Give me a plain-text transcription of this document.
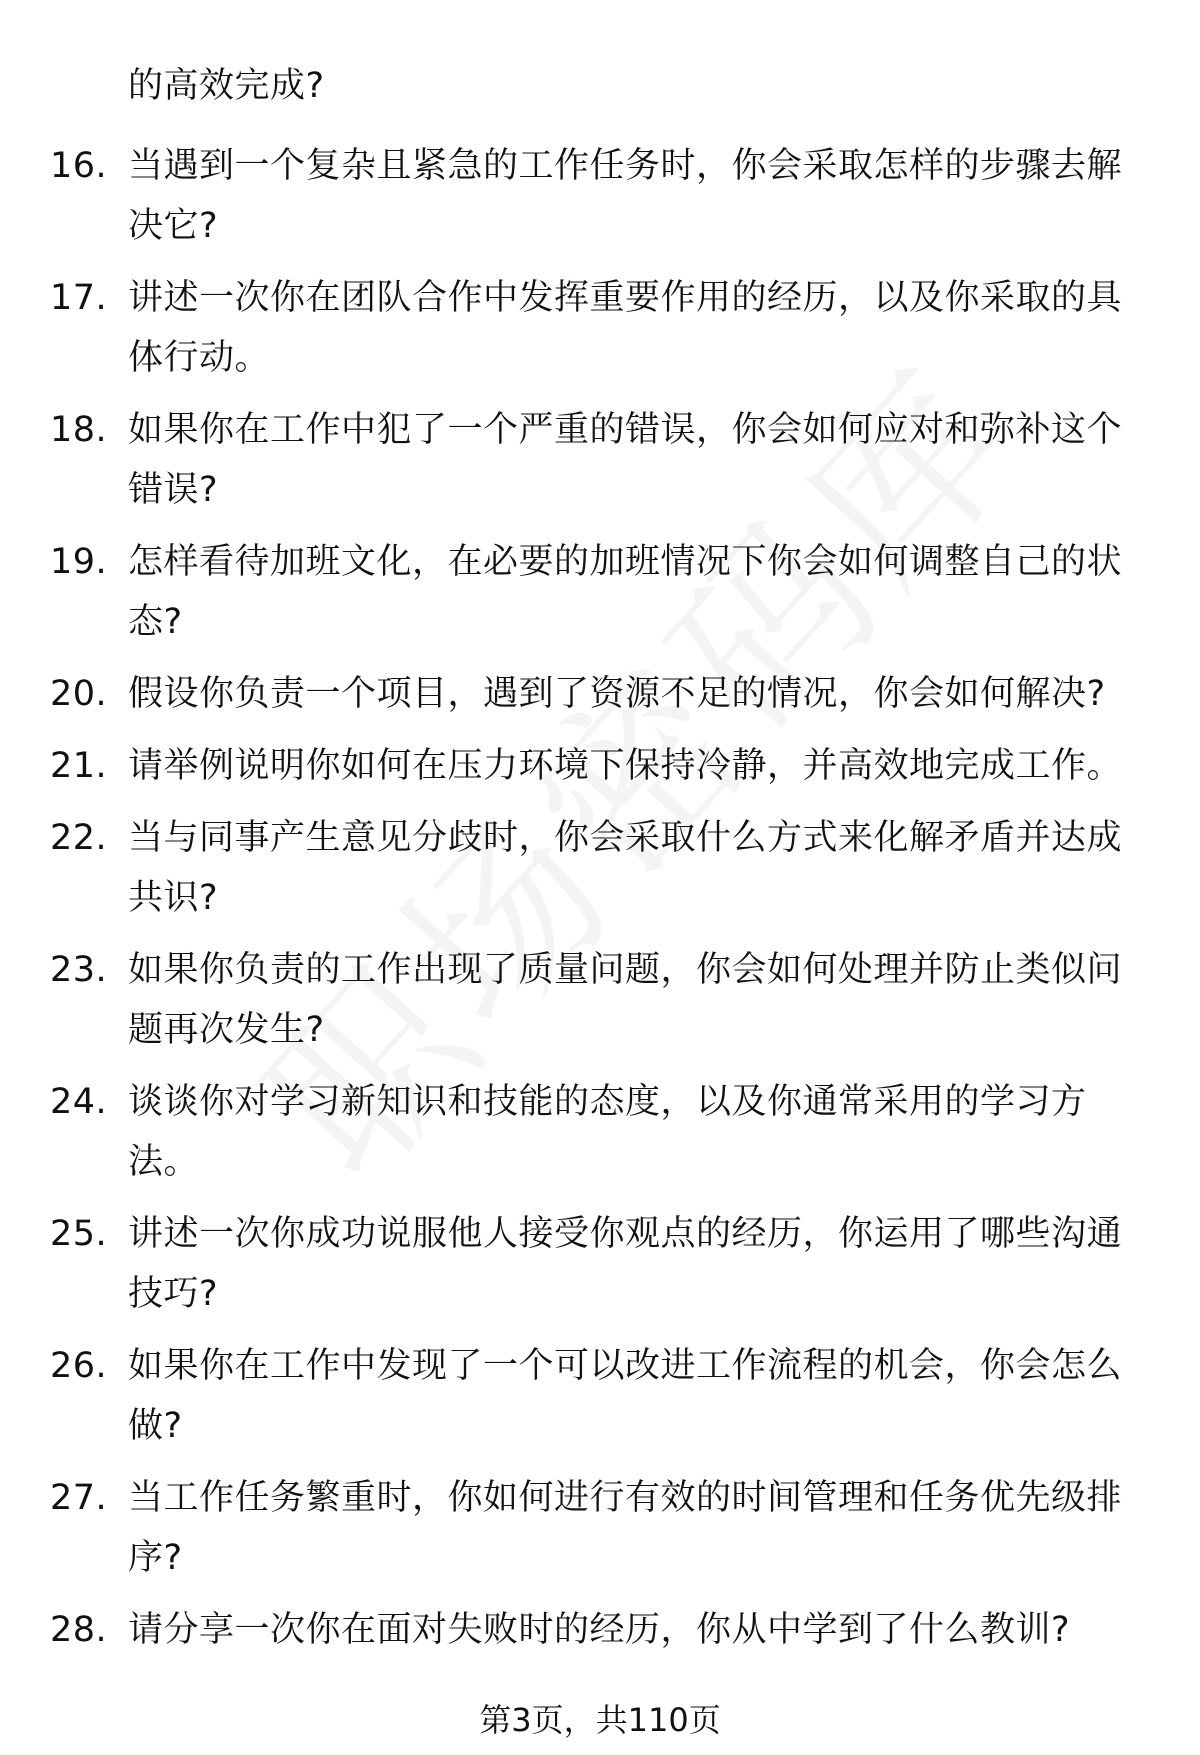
的高效完成?
16. 当遇到一个复杂且紧急的工作任务时，你会采取怎样的步骤去解决它?
17. 讲述一次你在团队合作中发挥重要作用的经历，以及你采取的具体行动。
18. 如果你在工作中犯了一个严重的错误，你会如何应对和弥补这个错误?
19. 怎样看待加班文化，在必要的加班情况下你会如何调整自己的状态?
20. 假设你负责一个项目，遇到了资源不足的情况，你会如何解决?
21. 请举例说明你如何在压力环境下保持冷静，并高效地完成工作。
22. 当与同事产生意见分歧时，你会采取什么方式来化解矛盾并达成共识?
23. 如果你负责的工作出现了质量问题，你会如何处理并防止类似问题再次发生?
24. 谈谈你对学习新知识和技能的态度，以及你通常采用的学习方法。
25. 讲述一次你成功说服他人接受你观点的经历，你运用了哪些沟通技巧?
26. 如果你在工作中发现了一个可以改进工作流程的机会，你会怎么做?
27. 当工作任务繁重时，你如何进行有效的时间管理和任务优先级排序?
28. 请分享一次你在面对失败时的经历，你从中学到了什么教训?
第3页，共110页
